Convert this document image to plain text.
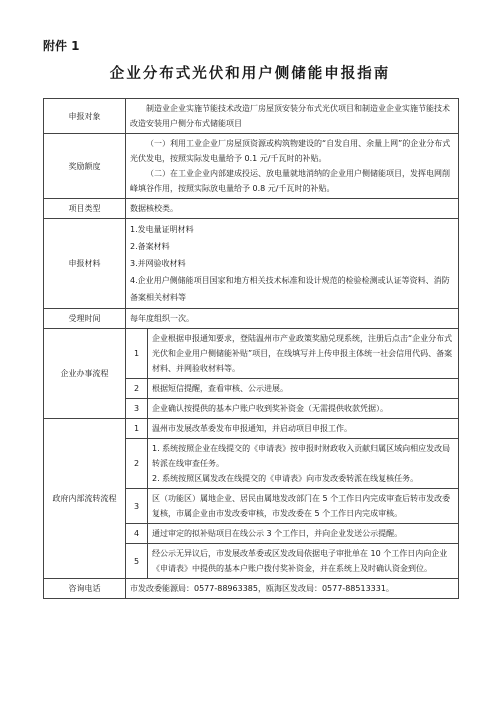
附件 1
企业分布式光伏和用户侧储能申报指南
申报对象	制造业企业实施节能技术改造厂房屋顶安装分布式光伏项目和制造业企业实施节能技术改造安装用户侧分布式储能项目	

奖励额度	（一）利用工业企业厂房屋顶资源或构筑物建设的“自发自用、余量上网”的企业分布式光伏发电，按照实际发电量给予 0.1 元/千瓦时的补贴。

（二）在工业企业内部建成投运、放电量就地消纳的企业用户侧储能项目，发挥电网削峰填谷作用，按照实际放电量给予 0.8 元/千瓦时的补贴。	

项目类型	数据核校类。	
申报材料	1.发电量证明材料

2.备案材料

3.并网验收材料

4.企业用户侧储能项目国家和地方相关技术标准和设计规范的检验检测或认证等资料、消防备案相关材料等	

受理时间	每年度组织一次。	
企业办事流程	1	企业根据申报通知要求，登陆温州市产业政策奖励兑现系统，注册后点击“企业分布式光伏和企业用户侧储能补贴”项目，在线填写并上传申报主体统一社会信用代码、备案材料、并网验收材料等。
	2	根据短信提醒，查看审核、公示进展。
	3	企业确认按提供的基本户账户收到奖补资金（无需提供收款凭据）。
政府内部流转流程	1	温州市发展改革委发布申报通知，并启动项目申报工作。
	2	1. 系统按照企业在线提交的《申请表》按申报时财政收入贡献归属区域向相应发改局转派在线审查任务。
2. 系统按照区属发改在线提交的《申请表》向市发改委转派在线复核任务。

	3	区（功能区）属地企业、居民由属地发改部门在 5 个工作日内完成审查后转市发改委复核，市属企业由市发改委审核，市发改委在 5 个工作日内完成审核。
	4	通过审定的拟补贴项目在线公示 3 个工作日，并向企业发送公示提醒。
	5	经公示无异议后，市发展改革委或区发改局依据电子审批单在 10 个工作日内向企业《申请表》中提供的基本户账户拨付奖补资金，并在系统上及时确认资金到位。
咨询电话	市发改委能源局：0577-88963385，瓯海区发改局：0577-88513331。	
